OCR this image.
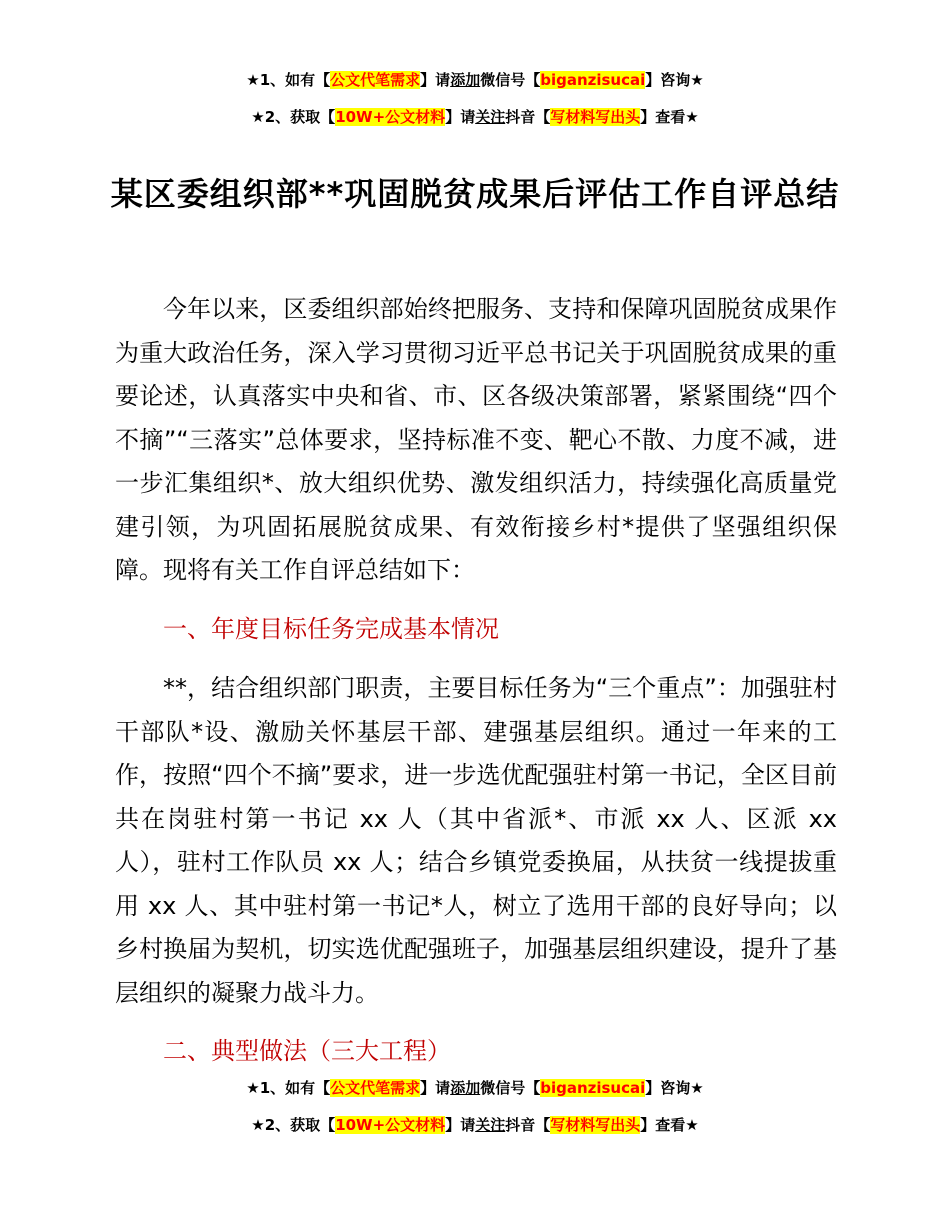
★1、如有【公文代笔需求】请添加微信号【biganzisucai】咨询★
★2、获取【10W+公文材料】请关注抖音【写材料写出头】查看★
某区委组织部**巩固脱贫成果后评估工作自评总结

今年以来，区委组织部始终把服务、支持和保障巩固脱贫成果作为重大政治任务，深入学习贯彻习近平总书记关于巩固脱贫成果的重要论述，认真落实中央和省、市、区各级决策部署，紧紧围绕“四个不摘”“三落实”总体要求，坚持标准不变、靶心不散、力度不减，进一步汇集组织*、放大组织优势、激发组织活力，持续强化高质量党建引领，为巩固拓展脱贫成果、有效衔接乡村*提供了坚强组织保障。现将有关工作自评总结如下：

一、年度目标任务完成基本情况

**，结合组织部门职责，主要目标任务为“三个重点”：加强驻村干部队*设、激励关怀基层干部、建强基层组织。通过一年来的工作，按照“四个不摘”要求，进一步选优配强驻村第一书记，全区目前共在岗驻村第一书记 xx 人（其中省派*、市派 xx 人、区派 xx 人），驻村工作队员 xx 人；结合乡镇党委换届，从扶贫一线提拔重用 xx 人、其中驻村第一书记*人，树立了选用干部的良好导向；以乡村换届为契机，切实选优配强班子，加强基层组织建设，提升了基层组织的凝聚力战斗力。

二、典型做法（三大工程）
★1、如有【公文代笔需求】请添加微信号【biganzisucai】咨询★
★2、获取【10W+公文材料】请关注抖音【写材料写出头】查看★
